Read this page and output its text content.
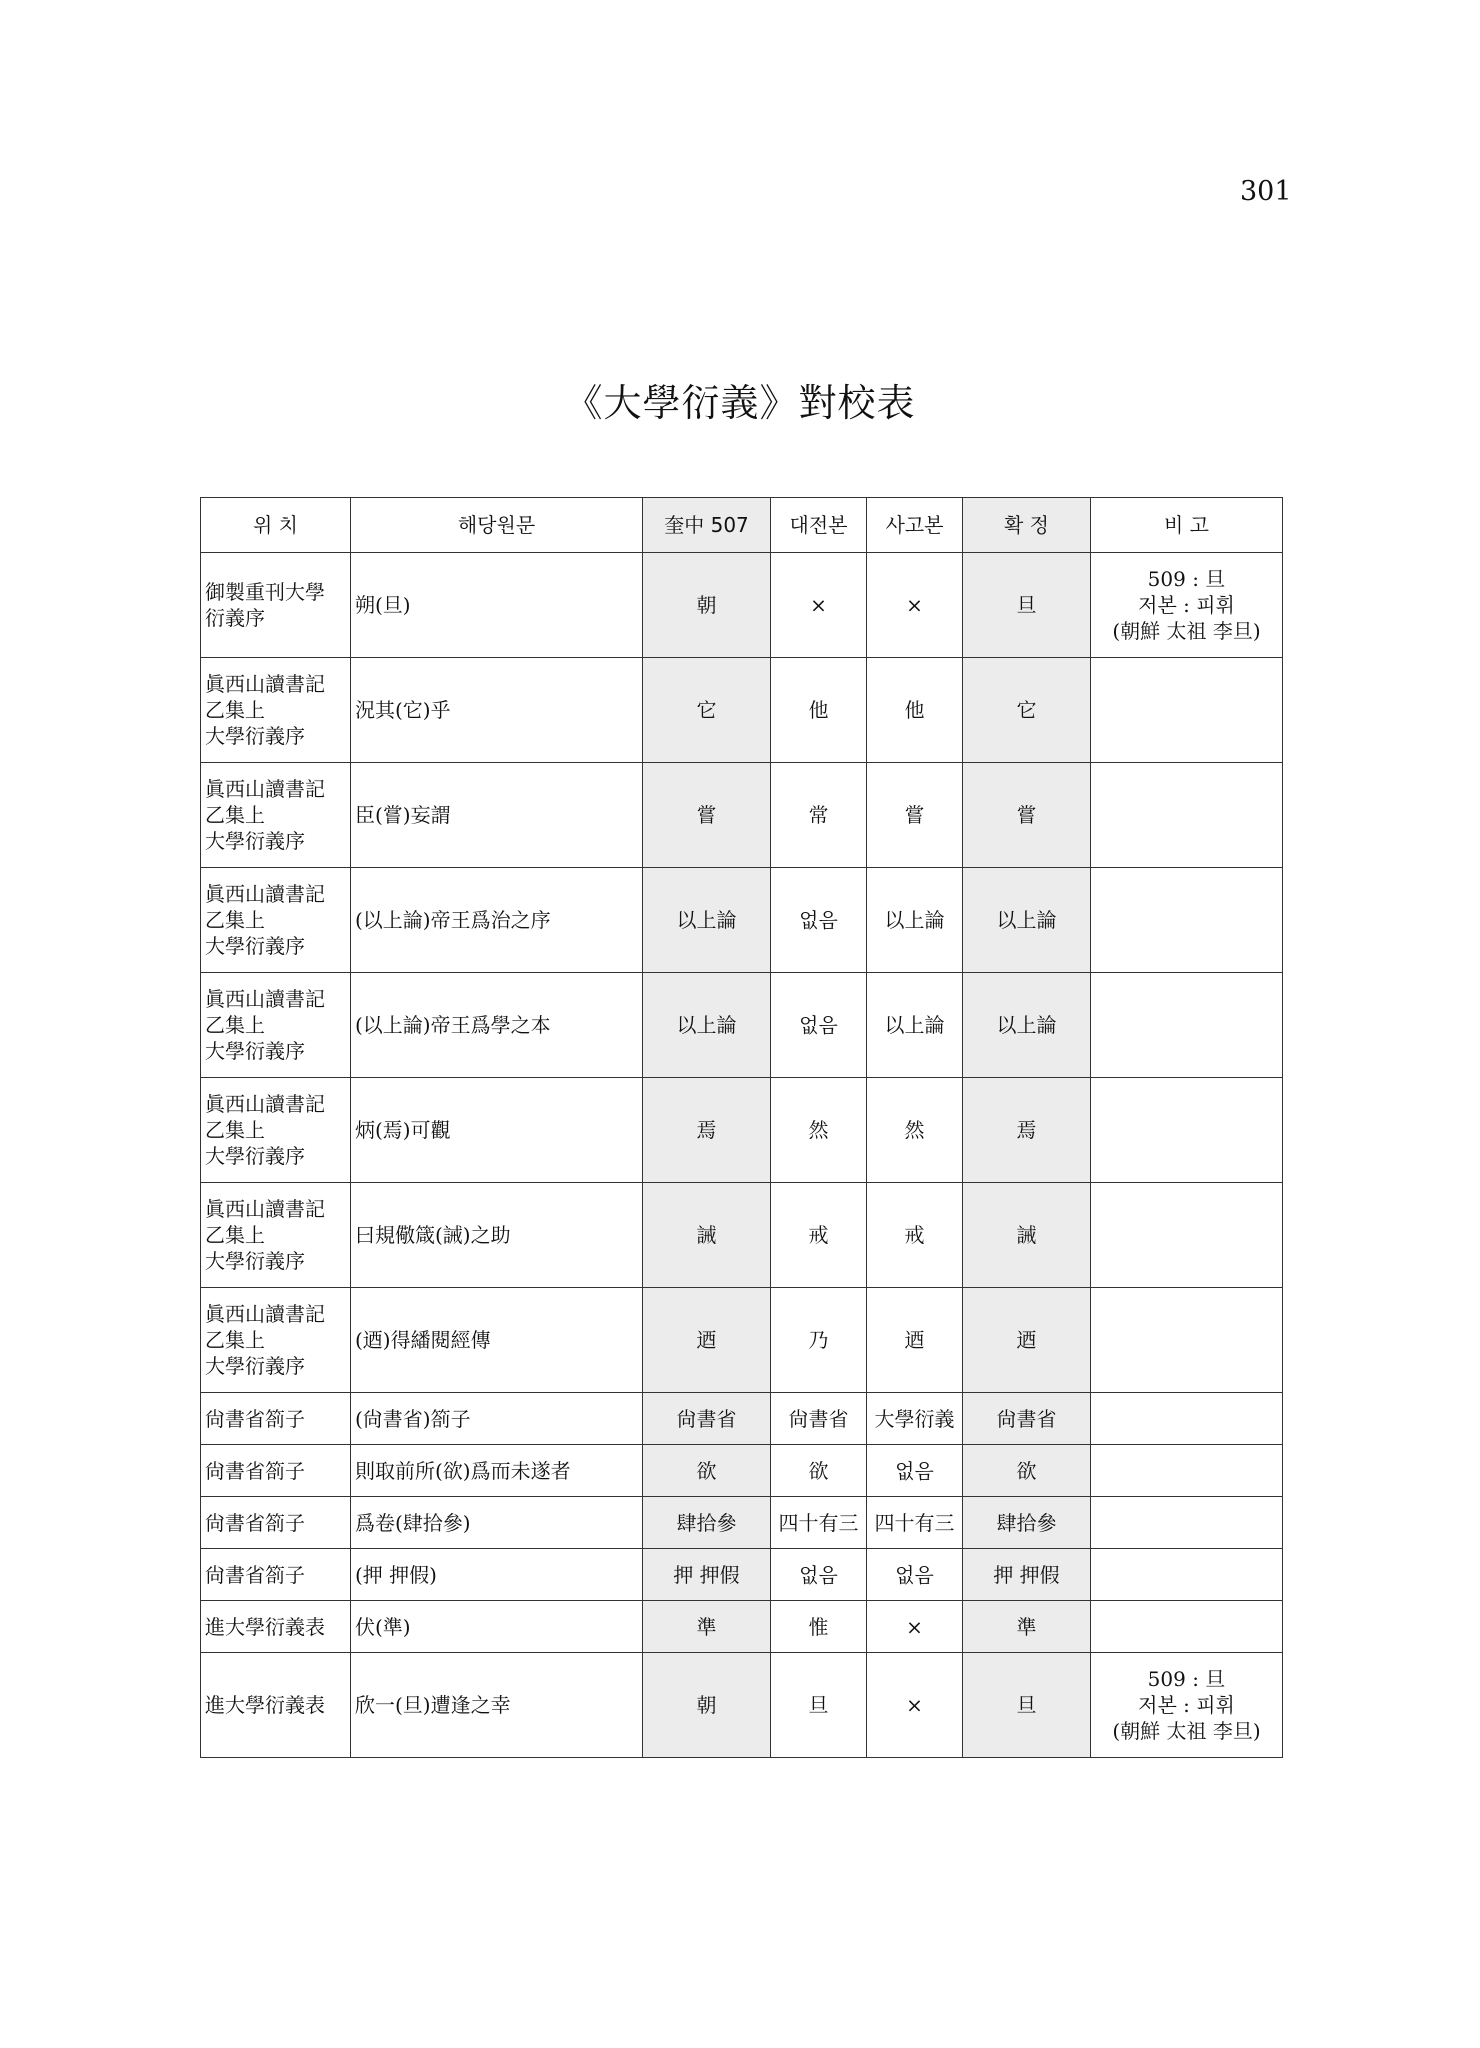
301
《大學衍義》對校表
위 치	해당원문	奎中 507	대전본	사고본	확 정	비 고

御製重刊大學
衍義序	朔(旦)	朝	×	×	旦	509 : 旦
저본 : 피휘
(朝鮮 太祖 李旦)

眞西山讀書記
乙集上
大學衍義序	況其(它)乎	它	他	他	它	

眞西山讀書記
乙集上
大學衍義序	臣(嘗)妄謂	嘗	常	嘗	嘗	

眞西山讀書記
乙集上
大學衍義序	(以上論)帝王爲治之序	以上論	없음	以上論	以上論	

眞西山讀書記
乙集上
大學衍義序	(以上論)帝王爲學之本	以上論	없음	以上論	以上論	

眞西山讀書記
乙集上
大學衍義序	炳(焉)可觀	焉	然	然	焉	

眞西山讀書記
乙集上
大學衍義序	曰規儆箴(誡)之助	誡	戒	戒	誡	

眞西山讀書記
乙集上
大學衍義序	(迺)得繙閱經傳	迺	乃	迺	迺	

尙書省箚子	(尙書省)箚子	尙書省	尙書省	大學衍義	尙書省	

尙書省箚子	則取前所(欲)爲而未遂者	欲	欲	없음	欲	

尙書省箚子	爲卷(肆拾參)	肆拾參	四十有三	四十有三	肆拾參	

尙書省箚子	(押 押假)	押 押假	없음	없음	押 押假	

進大學衍義表	伏(準)	準	惟	×	準	

進大學衍義表	欣一(旦)遭逢之幸	朝	旦	×	旦	509 : 旦
저본 : 피휘
(朝鮮 太祖 李旦)
